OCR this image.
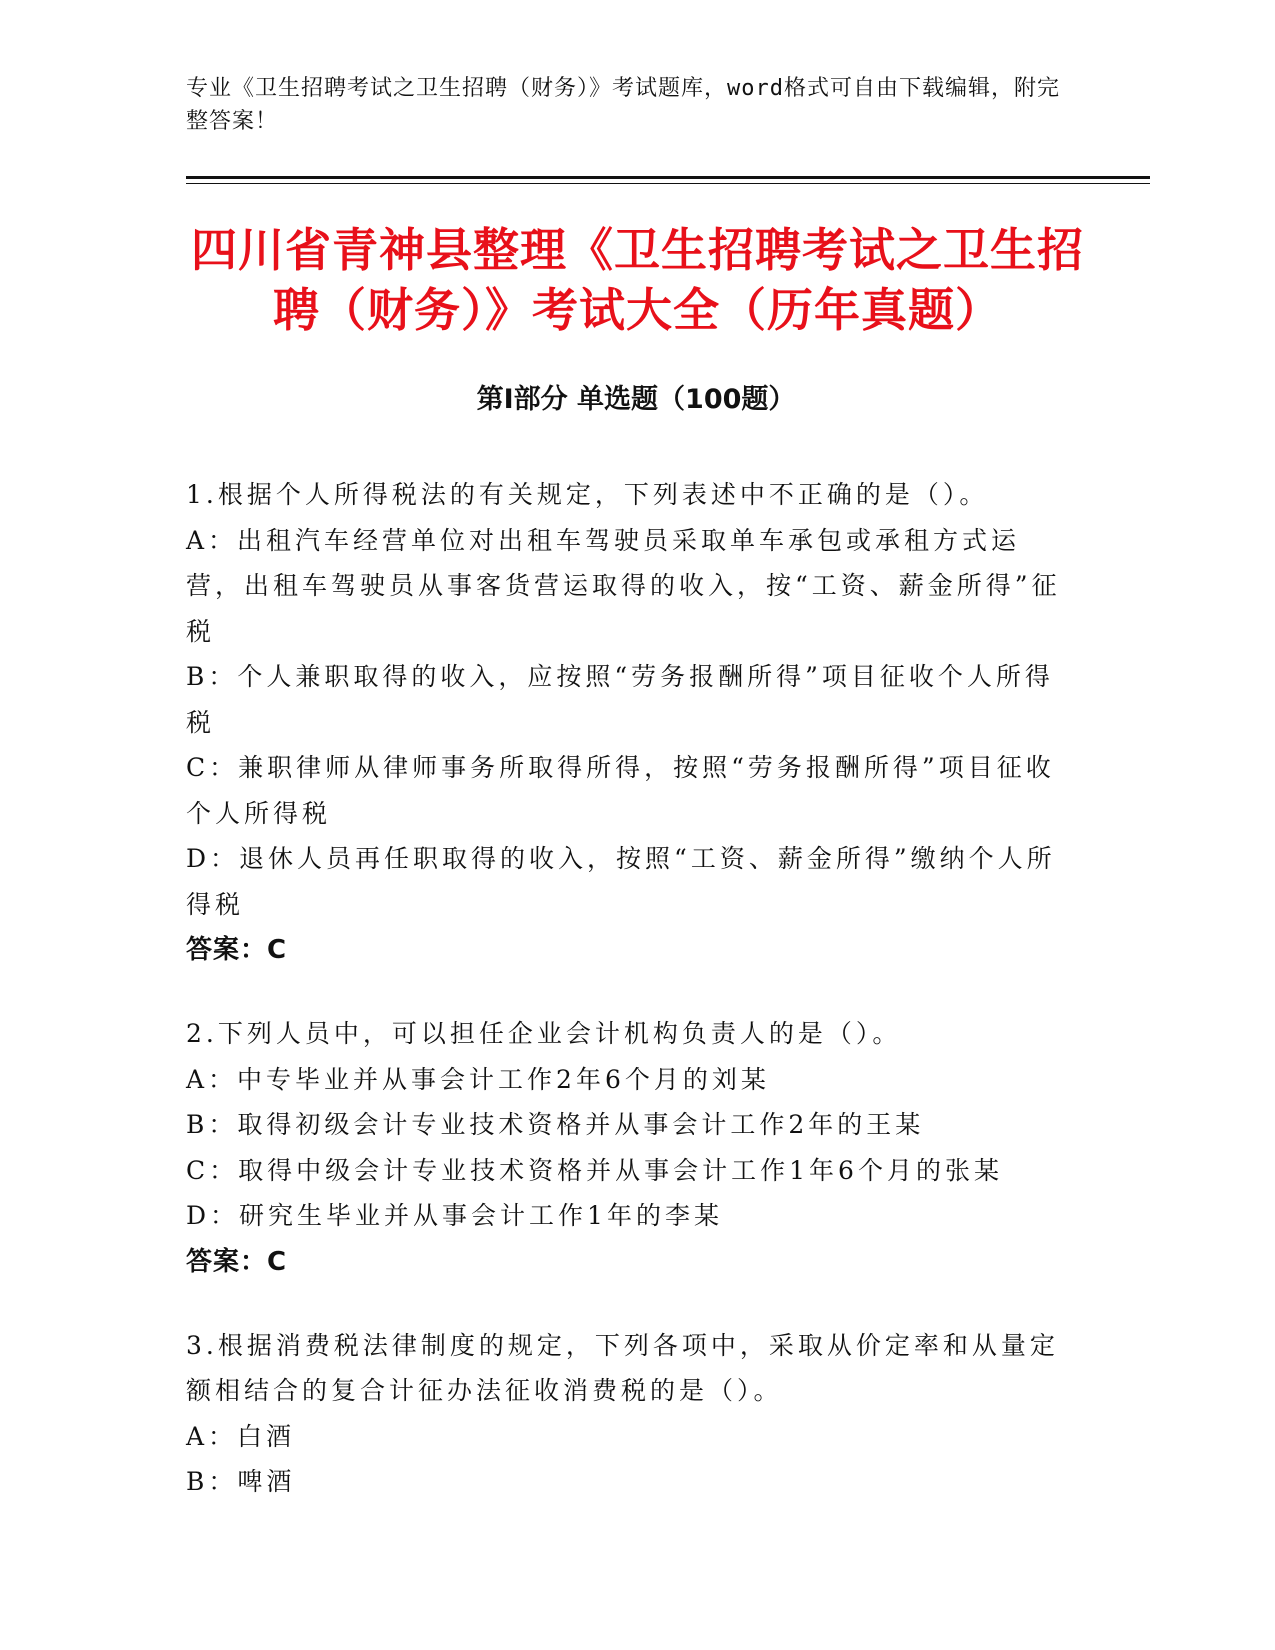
专业《卫生招聘考试之卫生招聘（财务）》考试题库，word格式可自由下载编辑，附完整答案！
四川省青神县整理《卫生招聘考试之卫生招
聘（财务）》考试大全（历年真题）
第Ⅰ部分 单选题（100题）
1.根据个人所得税法的有关规定，下列表述中不正确的是（）。
A：出租汽车经营单位对出租车驾驶员采取单车承包或承租方式运营，出租车驾驶员从事客货营运取得的收入，按“工资、薪金所得”征税
B：个人兼职取得的收入，应按照“劳务报酬所得”项目征收个人所得税
C：兼职律师从律师事务所取得所得，按照“劳务报酬所得”项目征收个人所得税
D：退休人员再任职取得的收入，按照“工资、薪金所得”缴纳个人所得税
答案：C
2.下列人员中，可以担任企业会计机构负责人的是（）。
A：中专毕业并从事会计工作2年6个月的刘某
B：取得初级会计专业技术资格并从事会计工作2年的王某
C：取得中级会计专业技术资格并从事会计工作1年6个月的张某
D：研究生毕业并从事会计工作1年的李某
答案：C
3.根据消费税法律制度的规定，下列各项中，采取从价定率和从量定额相结合的复合计征办法征收消费税的是（）。
A：白酒
B：啤酒
